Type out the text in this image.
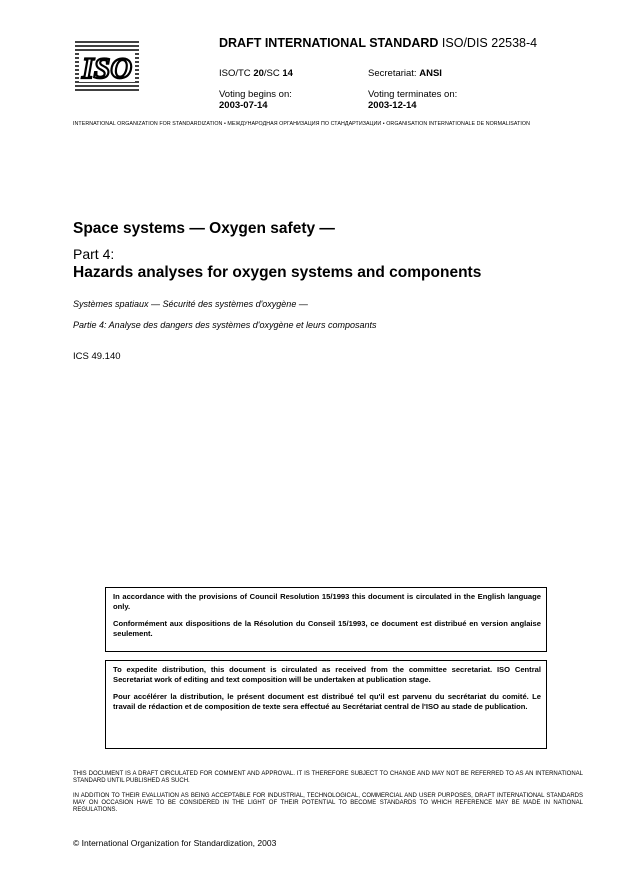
ISO
DRAFT INTERNATIONAL STANDARD ISO/DIS 22538-4
ISO/TC 20/SC 14	Secretariat: ANSI
Voting begins on:
2003-07-14
Voting terminates on:
2003-12-14
INTERNATIONAL ORGANIZATION FOR STANDARDIZATION • МЕЖДУНАРОДНАЯ ОРГАНИЗАЦИЯ ПО СТАНДАРТИЗАЦИИ • ORGANISATION INTERNATIONALE DE NORMALISATION
Space systems — Oxygen safety —
Part 4:
Hazards analyses for oxygen systems and components
Systèmes spatiaux — Sécurité des systèmes d'oxygène —
Partie 4: Analyse des dangers des systèmes d'oxygène et leurs composants
ICS 49.140

In accordance with the provisions of Council Resolution 15/1993 this document is circulated in the English language only.

Conformément aux dispositions de la Résolution du Conseil 15/1993, ce document est distribué en version anglaise seulement.

To expedite distribution, this document is circulated as received from the committee secretariat. ISO Central Secretariat work of editing and text composition will be undertaken at publication stage.

Pour accélérer la distribution, le présent document est distribué tel qu'il est parvenu du secrétariat du comité. Le travail de rédaction et de composition de texte sera effectué au Secrétariat central de l'ISO au stade de publication.

THIS DOCUMENT IS A DRAFT CIRCULATED FOR COMMENT AND APPROVAL. IT IS THEREFORE SUBJECT TO CHANGE AND MAY NOT BE REFERRED TO AS AN INTERNATIONAL STANDARD UNTIL PUBLISHED AS SUCH.
IN ADDITION TO THEIR EVALUATION AS BEING ACCEPTABLE FOR INDUSTRIAL, TECHNOLOGICAL, COMMERCIAL AND USER PURPOSES, DRAFT INTERNATIONAL STANDARDS MAY ON OCCASION HAVE TO BE CONSIDERED IN THE LIGHT OF THEIR POTENTIAL TO BECOME STANDARDS TO WHICH REFERENCE MAY BE MADE IN NATIONAL REGULATIONS.
© International Organization for Standardization, 2003
